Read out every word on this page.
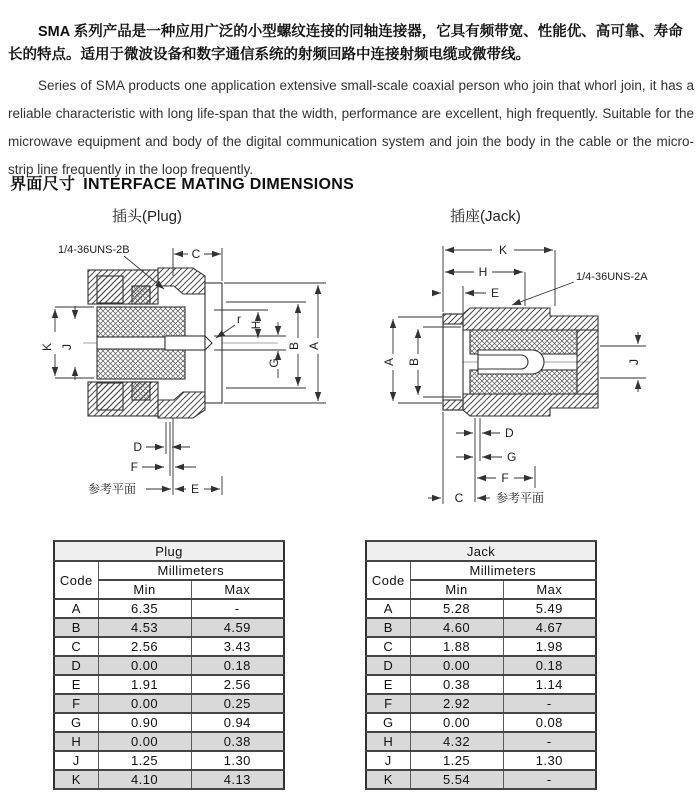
SMA 系列产品是一种应用广泛的小型螺纹连接的同轴连接器，它具有频带宽、性能优、高可靠、寿命长的特点。适用于微波设备和数字通信系统的射频回路中连接射频电缆或微带线。

Series of SMA products one application extensive small-scale coaxial person who join that whorl join, it has a reliable characteristic with long life-span that the width, performance are excellent, high frequently. Suitable for the microwave equipment and body of the digital communication system and join the body in the cable or the micro-strip line frequently in the loop frequently.

界面尺寸 INTERFACE MATING DIMENSIONS
插头(Plug)	插座(Jack)
1/4-36UNS-2B	C
K J
r H
G
B A
D
F
E
参考平面
K
H
E
1/4-36UNS-2A
A B	J
D
G
F
C	参考平面
Plug		
Code	Millimeters	
	Min	Max
A	6.35	-
B	4.53	4.59
C	2.56	3.43
D	0.00	0.18
E	1.91	2.56
F	0.00	0.25
G	0.90	0.94
H	0.00	0.38
J	1.25	1.30
K	4.10	4.13
Jack		
Code	Millimeters	
	Min	Max
A	5.28	5.49
B	4.60	4.67
C	1.88	1.98
D	0.00	0.18
E	0.38	1.14
F	2.92	-
G	0.00	0.08
H	4.32	-
J	1.25	1.30
K	5.54	-
